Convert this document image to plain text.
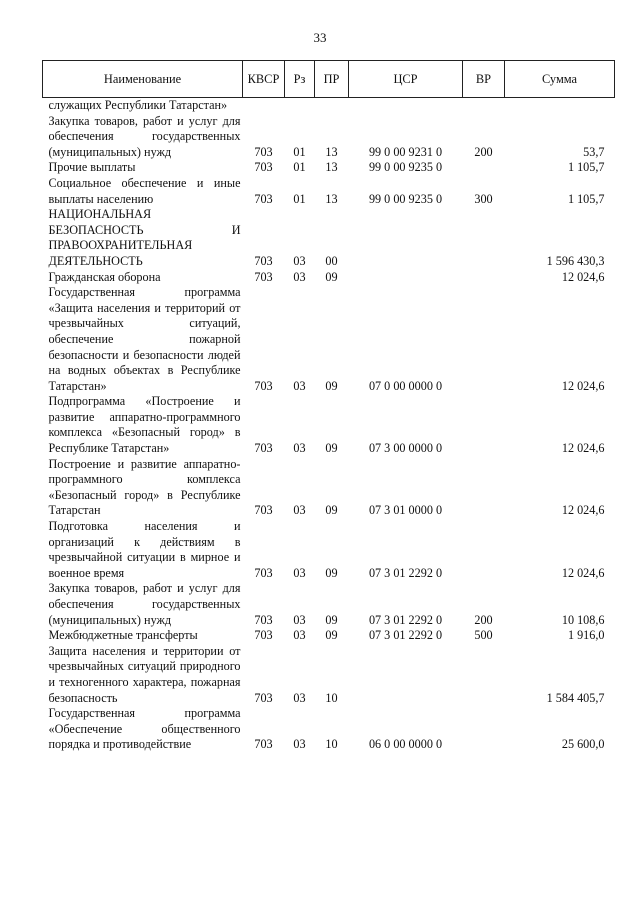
33
Наименование	КВСР	Рз	ПР	ЦСР	ВР	Сумма
служащих Республики Татарстан»						
Закупка товаров, работ и услуг для обеспечения государственных (муниципальных) нужд	703	01	13	99 0 00 9231 0	200	53,7
Прочие выплаты	703	01	13	99 0 00 9235 0		1 105,7
Социальное обеспечение и иные выплаты населению	703	01	13	99 0 00 9235 0	300	1 105,7
НАЦИОНАЛЬНАЯ БЕЗОПАСНОСТЬ И ПРАВООХРАНИТЕЛЬНАЯ ДЕЯТЕЛЬНОСТЬ	703	03	00			1 596 430,3
Гражданская оборона	703	03	09			12 024,6
Государственная программа «Защита населения и территорий от чрезвычайных ситуаций, обеспечение пожарной безопасности и безопасности людей на водных объектах в Республике Татарстан»	703	03	09	07 0 00 0000 0		12 024,6
Подпрограмма «Построение и развитие аппаратно-программного комплекса «Безопасный город» в Республике Татарстан»	703	03	09	07 3 00 0000 0		12 024,6
Построение и развитие аппаратно-программного комплекса «Безопасный город» в Республике Татарстан	703	03	09	07 3 01 0000 0		12 024,6
Подготовка населения и организаций к действиям в чрезвычайной ситуации в мирное и военное время	703	03	09	07 3 01 2292 0		12 024,6
Закупка товаров, работ и услуг для обеспечения государственных (муниципальных) нужд	703	03	09	07 3 01 2292 0	200	10 108,6
Межбюджетные трансферты	703	03	09	07 3 01 2292 0	500	1 916,0
Защита населения и территории от чрезвычайных ситуаций природного и техногенного характера, пожарная безопасность	703	03	10			1 584 405,7
Государственная программа «Обеспечение общественного порядка и противодействие	703	03	10	06 0 00 0000 0		25 600,0
